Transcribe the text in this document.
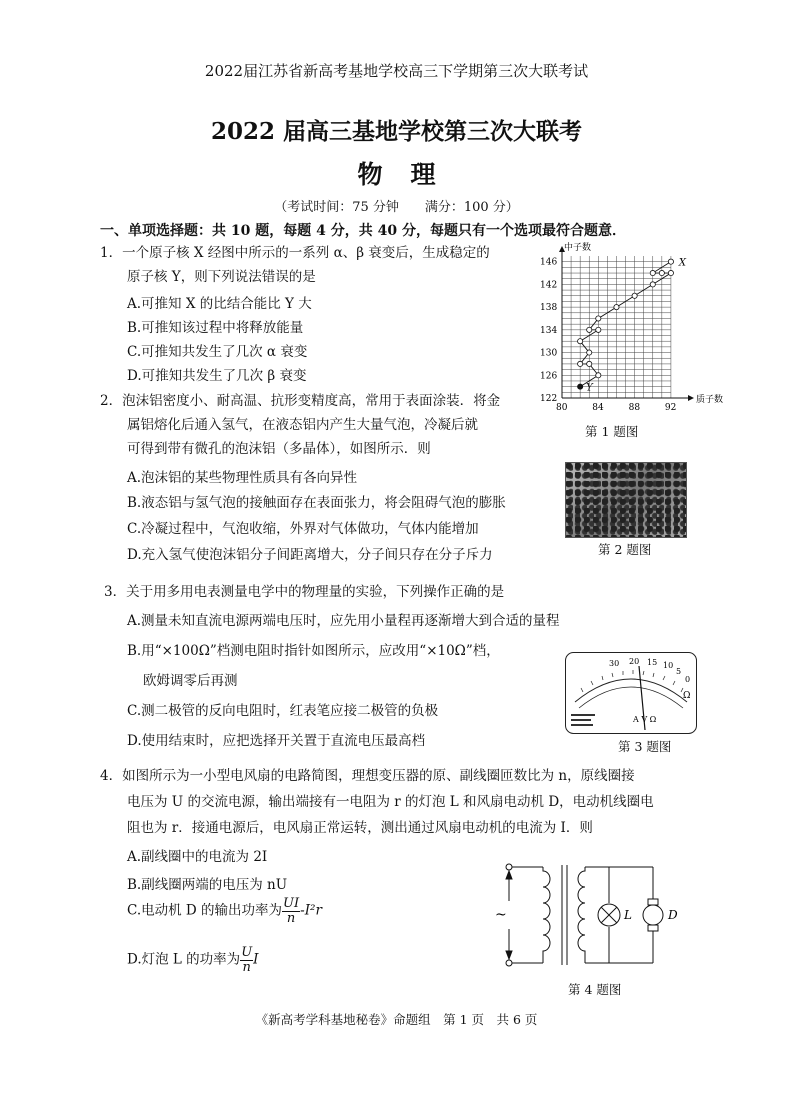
2022届江苏省新高考基地学校高三下学期第三次大联考试
2022 届高三基地学校第三次大联考
物理
（考试时间：75 分钟　　满分：100 分）
一、单项选择题：共 10 题，每题 4 分，共 40 分，每题只有一个选项最符合题意．
1．一个原子核 X 经图中所示的一系列 α、β 衰变后，生成稳定的
原子核 Y，则下列说法错误的是
A.可推知 X 的比结合能比 Y 大
B.可推知该过程中将释放能量
C.可推知共发生了几次 α 衰变
D.可推知共发生了几次 β 衰变
80	84	88	92
122
126
130
134
138
142
146
质子数
中子数
X
Y
第 1 题图
2．泡沫铝密度小、耐高温、抗形变精度高，常用于表面涂装．将金
属铝熔化后通入氢气，在液态铝内产生大量气泡，冷凝后就
可得到带有微孔的泡沫铝（多晶体），如图所示．则
A.泡沫铝的某些物理性质具有各向异性
B.液态铝与氢气泡的接触面存在表面张力，将会阻碍气泡的膨胀
C.冷凝过程中，气泡收缩，外界对气体做功，气体内能增加
D.充入氢气使泡沫铝分子间距离增大，分子间只存在分子斥力	第 2 题图
3．关于用多用电表测量电学中的物理量的实验，下列操作正确的是
A.测量未知直流电源两端电压时，应先用小量程再逐渐增大到合适的量程
B.用“×100Ω”档测电阻时指针如图所示，应改用“×10Ω”档，
欧姆调零后再测
C.测二极管的反向电阻时，红表笔应接二极管的负极
D.使用结束时，应把选择开关置于直流电压最高档
30 20 15 10
5
0
Ω
A V Ω
第 3 题图
4．如图所示为一小型电风扇的电路简图，理想变压器的原、副线圈匝数比为 n，原线圈接
电压为 U 的交流电源，输出端接有一电阻为 r 的灯泡 L 和风扇电动机 D，电动机线圈电
阻也为 r．接通电源后，电风扇正常运转，测出通过风扇电动机的电流为 I．则
A.副线圈中的电流为 2I
B.副线圈两端的电压为 nU
C.电动机 D 的输出功率为 $\frac{UI}{n} -I^2r$
D.灯泡 L 的功率为 $\frac{U}{n}$ I
~	L	D
第 4 题图
《新高考学科基地秘卷》命题组　第 1 页　共 6 页
